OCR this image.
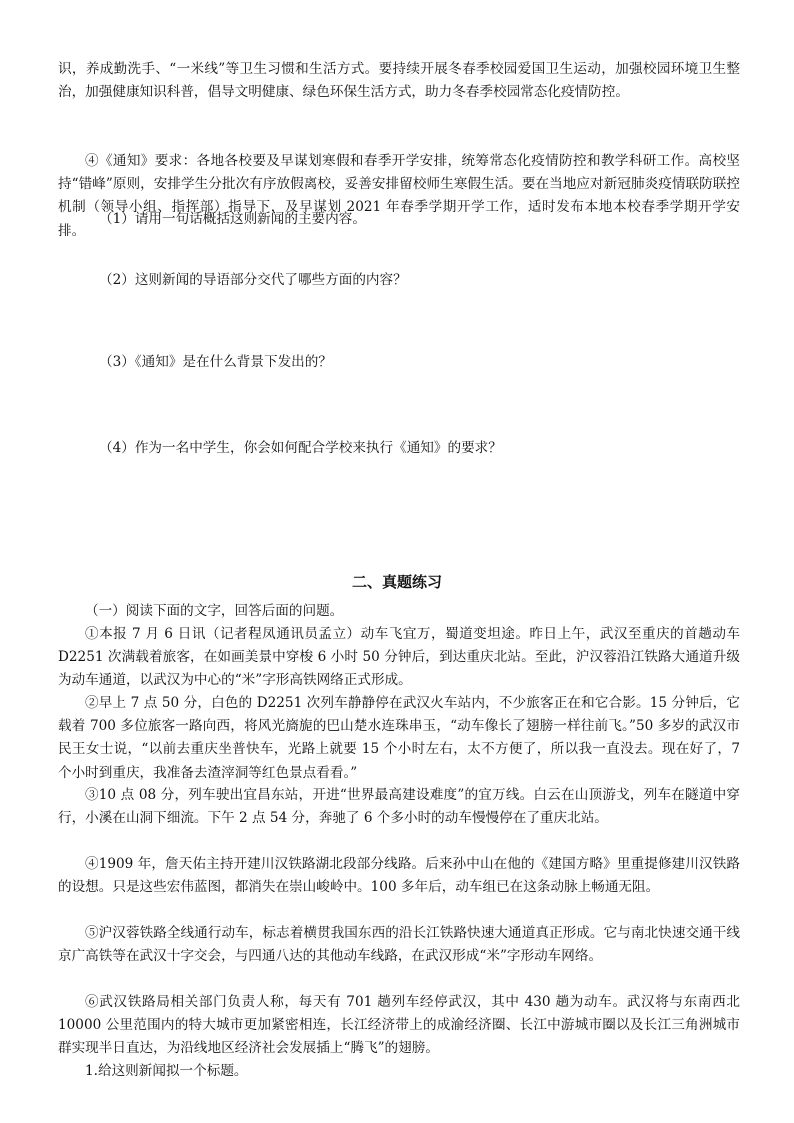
识，养成勤洗手、“一米线”等卫生习惯和生活方式。要持续开展冬春季校园爱国卫生运动，加强校园环境卫生整治，加强健康知识科普，倡导文明健康、绿色环保生活方式，助力冬春季校园常态化疫情防控。

④《通知》要求：各地各校要及早谋划寒假和春季开学安排，统筹常态化疫情防控和教学科研工作。高校坚持“错峰”原则，安排学生分批次有序放假离校，妥善安排留校师生寒假生活。要在当地应对新冠肺炎疫情联防联控机制（领导小组、指挥部）指导下，及早谋划 2021 年春季学期开学工作，适时发布本地本校春季学期开学安排。

（1）请用一句话概括这则新闻的主要内容。

（2）这则新闻的导语部分交代了哪些方面的内容？

（3）《通知》是在什么背景下发出的？

（4）作为一名中学生，你会如何配合学校来执行《通知》的要求？

二、真题练习

（一）阅读下面的文字，回答后面的问题。

①本报 7 月 6 日讯（记者程凤通讯员孟立）动车飞宜万，蜀道变坦途。昨日上午，武汉至重庆的首趟动车 D2251 次满载着旅客，在如画美景中穿梭 6 小时 50 分钟后，到达重庆北站。至此，沪汉蓉沿江铁路大通道升级为动车通道，以武汉为中心的“米”字形高铁网络正式形成。

②早上 7 点 50 分，白色的 D2251 次列车静静停在武汉火车站内，不少旅客正在和它合影。15 分钟后，它载着 700 多位旅客一路向西，将风光旖旎的巴山楚水连珠串玉，“动车像长了翅膀一样往前飞。”50 多岁的武汉市民王女士说，“以前去重庆坐普快车，光路上就要 15 个小时左右，太不方便了，所以我一直没去。现在好了，7 个小时到重庆，我准备去渣滓洞等红色景点看看。”

③10 点 08 分，列车驶出宜昌东站，开进“世界最高建设难度”的宜万线。白云在山顶游戈，列车在隧道中穿行，小溪在山洞下细流。下午 2 点 54 分，奔驰了 6 个多小时的动车慢慢停在了重庆北站。

④1909 年，詹天佑主持开建川汉铁路湖北段部分线路。后来孙中山在他的《建国方略》里重提修建川汉铁路的设想。只是这些宏伟蓝图，都消失在崇山峻岭中。100 多年后，动车组已在这条动脉上畅通无阻。

⑤沪汉蓉铁路全线通行动车，标志着横贯我国东西的沿长江铁路快速大通道真正形成。它与南北快速交通干线京广高铁等在武汉十字交会，与四通八达的其他动车线路，在武汉形成“米”字形动车网络。

⑥武汉铁路局相关部门负责人称，每天有 701 趟列车经停武汉，其中 430 趟为动车。武汉将与东南西北 10000 公里范围内的特大城市更加紧密相连，长江经济带上的成渝经济圈、长江中游城市圈以及长江三角洲城市群实现半日直达，为沿线地区经济社会发展插上“腾飞”的翅膀。

1.给这则新闻拟一个标题。
